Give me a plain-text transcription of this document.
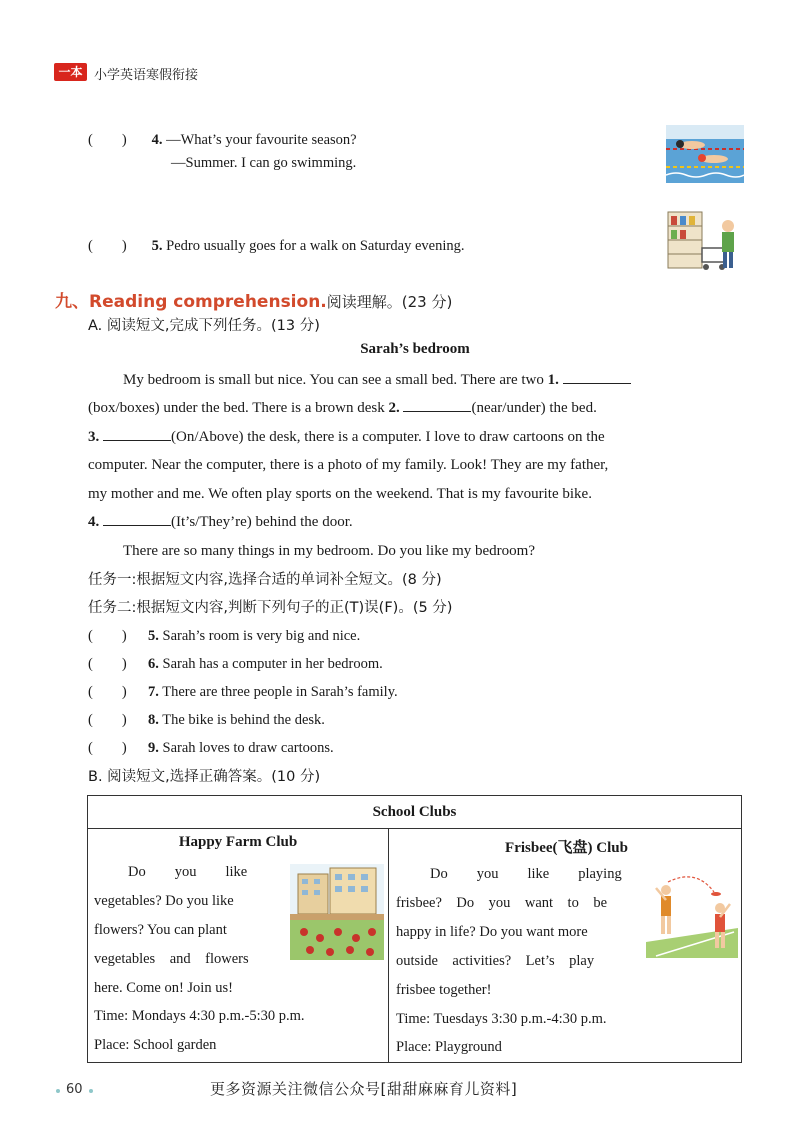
一本 小学英语寒假衔接
(　　) 4. —What’s your favourite season?
—Summer. I can go swimming.
(　　) 5. Pedro usually goes for a walk on Saturday evening.
九、Reading comprehension.阅读理解。(23 分)
A. 阅读短文,完成下列任务。(13 分)
Sarah’s bedroom
My bedroom is small but nice. You can see a small bed. There are two 1.
(box/boxes) under the bed. There is a brown desk 2.	(near/under) the bed.
3.	(On/Above) the desk, there is a computer. I love to draw cartoons on the
computer. Near the computer, there is a photo of my family. Look! They are my father,
my mother and me. We often play sports on the weekend. That is my favourite bike.
4.	(It’s/They’re) behind the door.
There are so many things in my bedroom. Do you like my bedroom?
任务一:根据短文内容,选择合适的单词补全短文。(8 分)
任务二:根据短文内容,判断下列句子的正(T)误(F)。(5 分)
(　　) 5. Sarah’s room is very big and nice.
(　　) 6. Sarah has a computer in her bedroom.
(　　) 7. There are three people in Sarah’s family.
(　　) 8. The bike is behind the desk.
(　　) 9. Sarah loves to draw cartoons.
B. 阅读短文,选择正确答案。(10 分)
School Clubs
Happy Farm Club
Do　　you　　like
vegetables? Do you like
flowers? You can plant
vegetables　and　flowers
here. Come on! Join us!
Time: Mondays 4:30 p.m.-5:30 p.m.
Place: School garden
Frisbee(飞盘) Club
Do　　you　　like　　playing
frisbee?　Do　you　want　to　be
happy in life? Do you want more
outside　activities?　Let’s　play
frisbee together!
Time: Tuesdays 3:30 p.m.-4:30 p.m.
Place: Playground
60	更多资源关注微信公众号[甜甜麻麻育儿资料]
